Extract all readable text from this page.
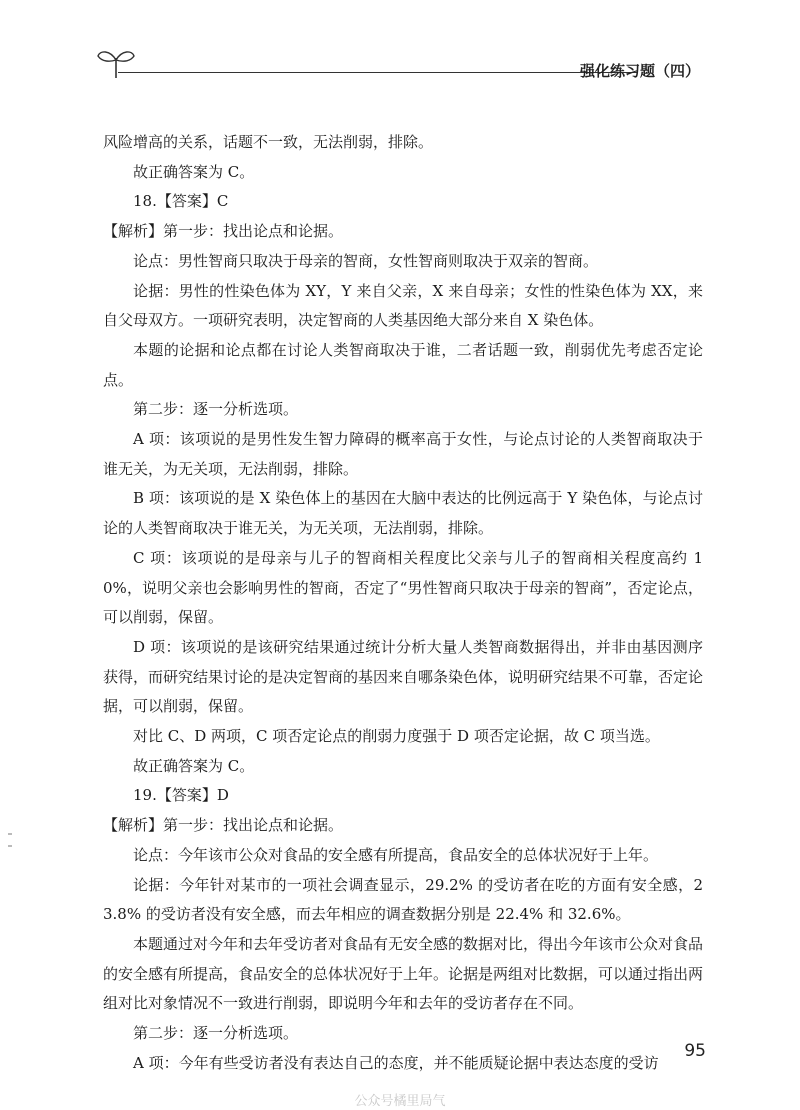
强化练习题（四）

风险增高的关系，话题不一致，无法削弱，排除。

故正确答案为 C。

18.【答案】C

【解析】第一步：找出论点和论据。

论点：男性智商只取决于母亲的智商，女性智商则取决于双亲的智商。

论据：男性的性染色体为 XY，Y 来自父亲，X 来自母亲；女性的性染色体为 XX，来自父母双方。一项研究表明，决定智商的人类基因绝大部分来自 X 染色体。

本题的论据和论点都在讨论人类智商取决于谁，二者话题一致，削弱优先考虑否定论点。

第二步：逐一分析选项。

A 项：该项说的是男性发生智力障碍的概率高于女性，与论点讨论的人类智商取决于谁无关，为无关项，无法削弱，排除。

B 项：该项说的是 X 染色体上的基因在大脑中表达的比例远高于 Y 染色体，与论点讨论的人类智商取决于谁无关，为无关项，无法削弱，排除。

C 项：该项说的是母亲与儿子的智商相关程度比父亲与儿子的智商相关程度高约 10%，说明父亲也会影响男性的智商，否定了“男性智商只取决于母亲的智商”，否定论点，可以削弱，保留。

D 项：该项说的是该研究结果通过统计分析大量人类智商数据得出，并非由基因测序获得，而研究结果讨论的是决定智商的基因来自哪条染色体，说明研究结果不可靠，否定论据，可以削弱，保留。

对比 C、D 两项，C 项否定论点的削弱力度强于 D 项否定论据，故 C 项当选。

故正确答案为 C。

19.【答案】D

【解析】第一步：找出论点和论据。

论点：今年该市公众对食品的安全感有所提高，食品安全的总体状况好于上年。

论据：今年针对某市的一项社会调查显示，29.2% 的受访者在吃的方面有安全感，23.8% 的受访者没有安全感，而去年相应的调查数据分别是 22.4% 和 32.6%。

本题通过对今年和去年受访者对食品有无安全感的数据对比，得出今年该市公众对食品的安全感有所提高，食品安全的总体状况好于上年。论据是两组对比数据，可以通过指出两组对比对象情况不一致进行削弱，即说明今年和去年的受访者存在不同。

第二步：逐一分析选项。

A 项：今年有些受访者没有表达自己的态度，并不能质疑论据中表达态度的受访

95
公众号橘里局气
